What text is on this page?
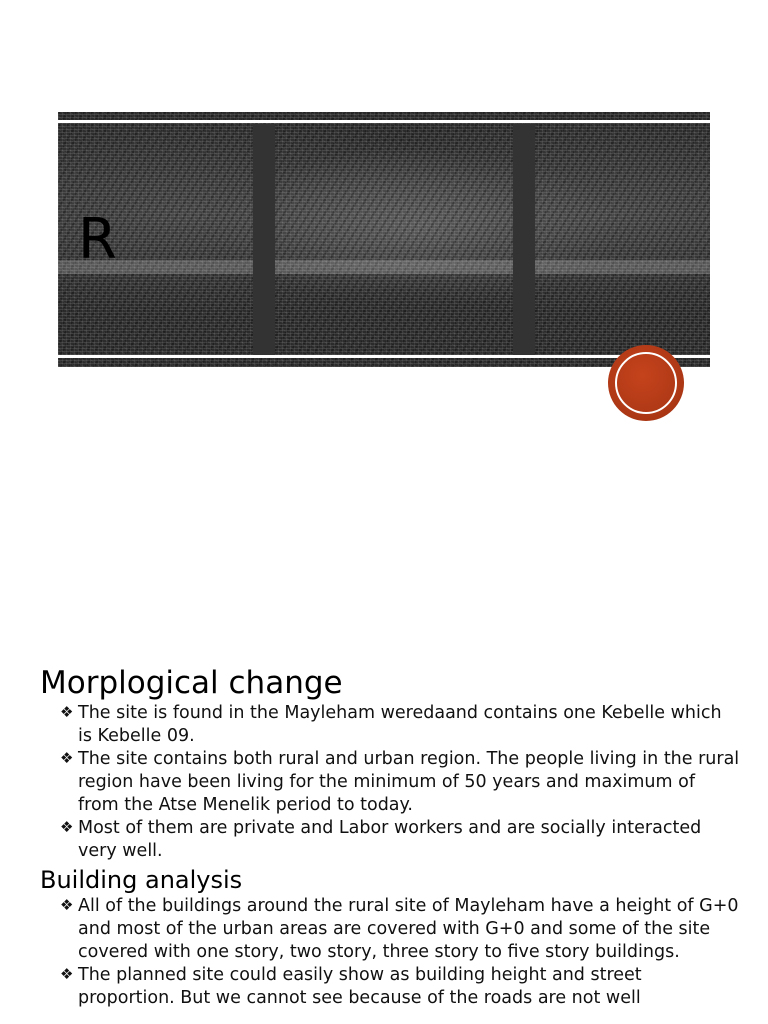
R
Morplogical change
❖ The site is found in the Mayleham weredaand contains one Kebelle which is Kebelle 09.
❖ The site contains both rural and urban region. The people living in the rural region have been living for the minimum of 50 years and maximum of from the Atse Menelik period to today.
❖ Most of them are private and Labor workers and are socially interacted very well.
Building analysis
❖ All of the buildings around the rural site of Mayleham have a height of G+0 and most of the urban areas are covered with G+0 and some of the site covered with one story, two story, three story to five story buildings.
❖ The planned site could easily show as building height and street proportion. But we cannot see because of the roads are not well
